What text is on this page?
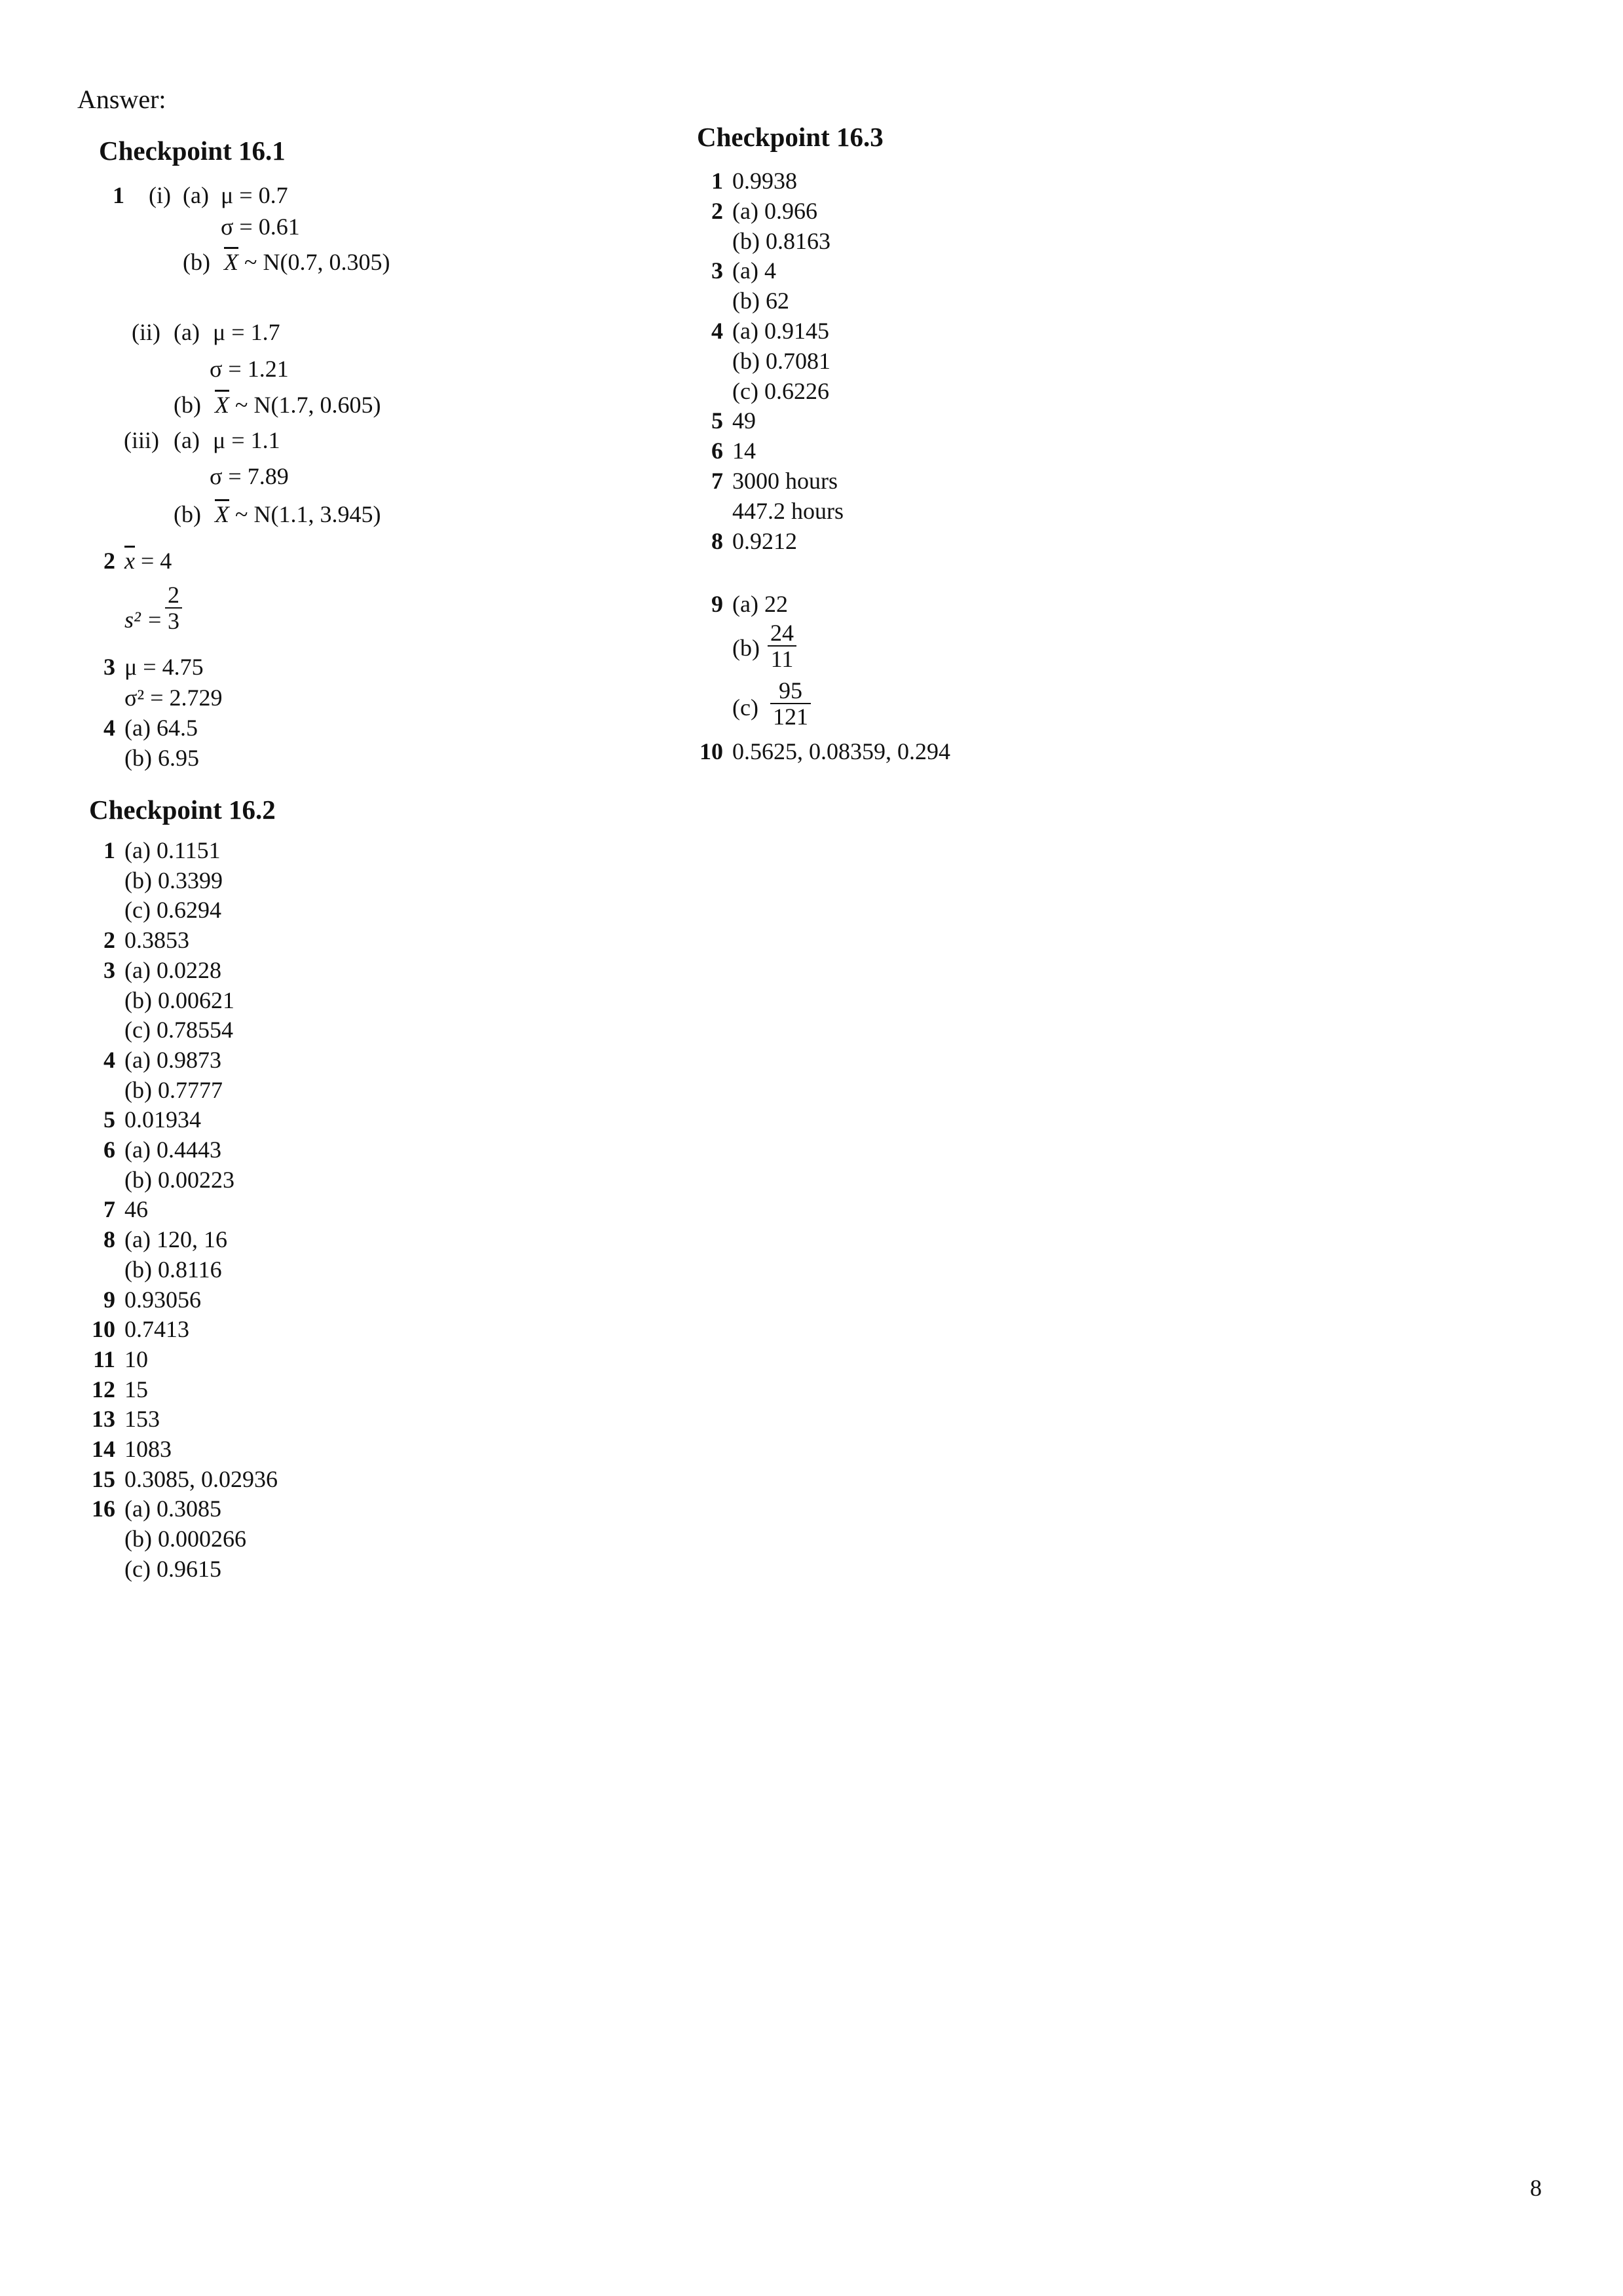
Answer:
Checkpoint 16.1
1 (i) (a) μ = 0.7
σ = 0.61
(b) $\overline{X}$ ~ N(0.7, 0.305)
(ii) (a) μ = 1.7
σ = 1.21
(b) $\overline{X}$ ~ N(1.7, 0.605)
(iii) (a) μ = 1.1
σ = 7.89
(b) $\overline{X}$ ~ N(1.1, 3.945)
2 $\overline{x} = 4$
$s^2 = \frac{2}{3}$
3 μ = 4.75
σ² = 2.729
4 (a) 64.5
(b) 6.95
Checkpoint 16.2
1 (a) 0.1151
(b) 0.3399
(c) 0.6294
2 0.3853
3 (a) 0.0228
(b) 0.00621
(c) 0.78554
4 (a) 0.9873
(b) 0.7777
5 0.01934
6 (a) 0.4443
(b) 0.00223
7 46
8 (a) 120, 16
(b) 0.8116
9 0.93056
10 0.7413
11 10
12 15
13 153
14 1083
15 0.3085, 0.02936
16 (a) 0.3085
(b) 0.000266
(c) 0.9615
Checkpoint 16.3
1 0.9938
2 (a) 0.966
(b) 0.8163
3 (a) 4
(b) 62
4 (a) 0.9145
(b) 0.7081
(c) 0.6226
5 49
6 14
7 3000 hours
447.2 hours
8 0.9212
9 (a) 22
$(b) \frac{24}{11}$
$(c) \frac{95}{121}$
10 0.5625, 0.08359, 0.294
8
